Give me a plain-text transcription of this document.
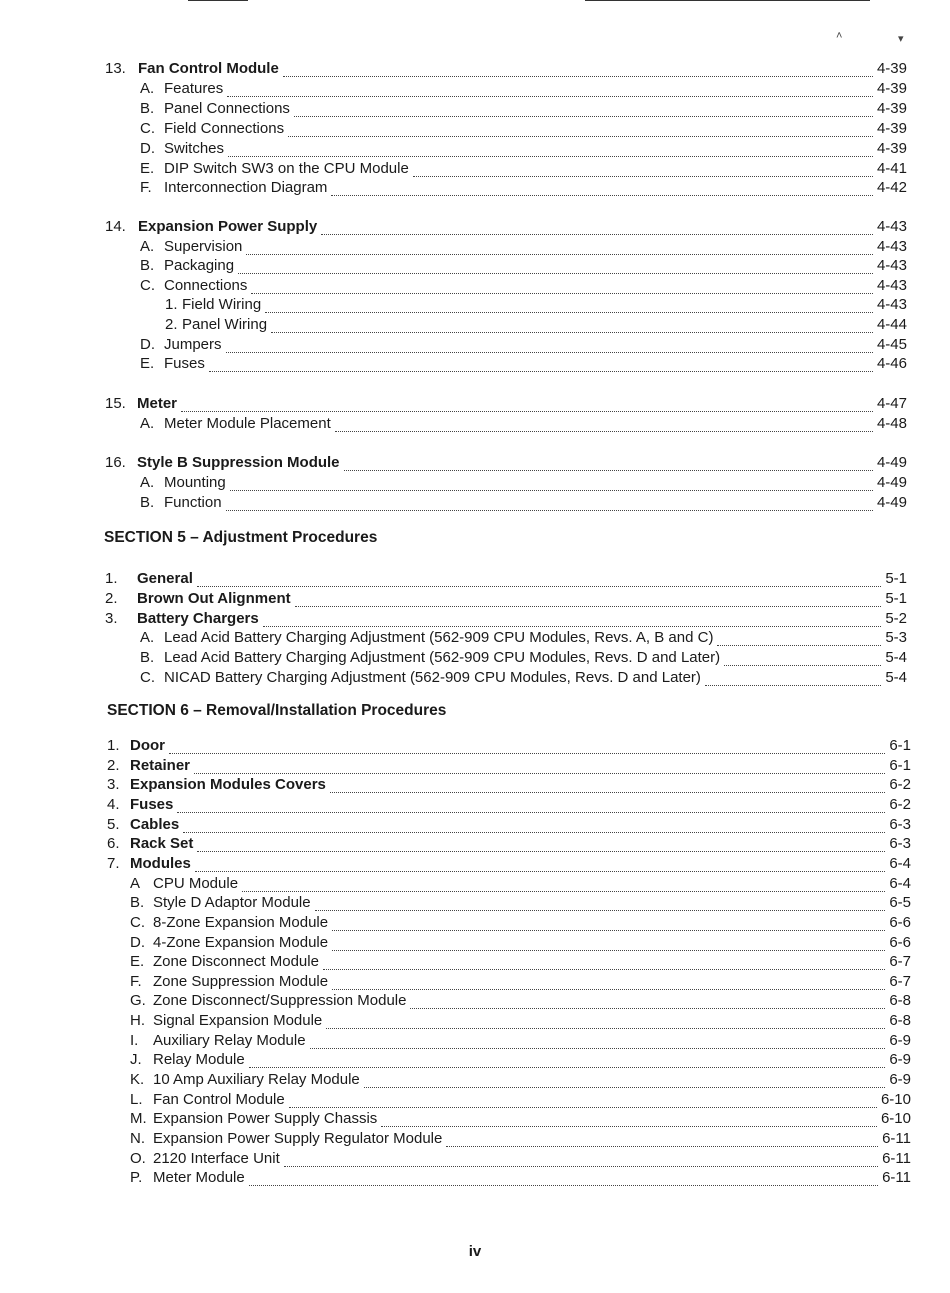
˄	▾
13. Fan Control Module	4-39
A. Features	4-39
B. Panel Connections	4-39
C. Field Connections	4-39
D. Switches	4-39
E. DIP Switch SW3 on the CPU Module	4-41
F. Interconnection Diagram	4-42
14. Expansion Power Supply	4-43
A. Supervision	4-43
B. Packaging	4-43
C. Connections	4-43
1. Field Wiring	4-43
2. Panel Wiring	4-44
D. Jumpers	4-45
E. Fuses	4-46
15. Meter	4-47
A. Meter Module Placement	4-48
16. Style B Suppression Module	4-49
A. Mounting	4-49
B. Function	4-49
SECTION 5 – Adjustment Procedures
1.	General	5-1
2.	Brown Out Alignment	5-1
3.	Battery Chargers	5-2
A. Lead Acid Battery Charging Adjustment (562-909 CPU Modules, Revs. A, B and C)	5-3
B. Lead Acid Battery Charging Adjustment (562-909 CPU Modules, Revs. D and Later)	5-4
C. NICAD Battery Charging Adjustment (562-909 CPU Modules, Revs. D and Later)	5-4
SECTION 6 – Removal/Installation Procedures
1. Door	6-1
2. Retainer	6-1
3. Expansion Modules Covers	6-2
4. Fuses	6-2
5. Cables	6-3
6. Rack Set	6-3
7. Modules	6-4
A CPU Module	6-4
B. Style D Adaptor Module	6-5
C. 8-Zone Expansion Module	6-6
D. 4-Zone Expansion Module	6-6
E. Zone Disconnect Module	6-7
F. Zone Suppression Module	6-7
G. Zone Disconnect/Suppression Module	6-8
H. Signal Expansion Module	6-8
I. Auxiliary Relay Module	6-9
J. Relay Module	6-9
K. 10 Amp Auxiliary Relay Module	6-9
L. Fan Control Module	6-10
M. Expansion Power Supply Chassis	6-10
N. Expansion Power Supply Regulator Module	6-11
O. 2120 Interface Unit	6-11
P. Meter Module	6-11
iv
